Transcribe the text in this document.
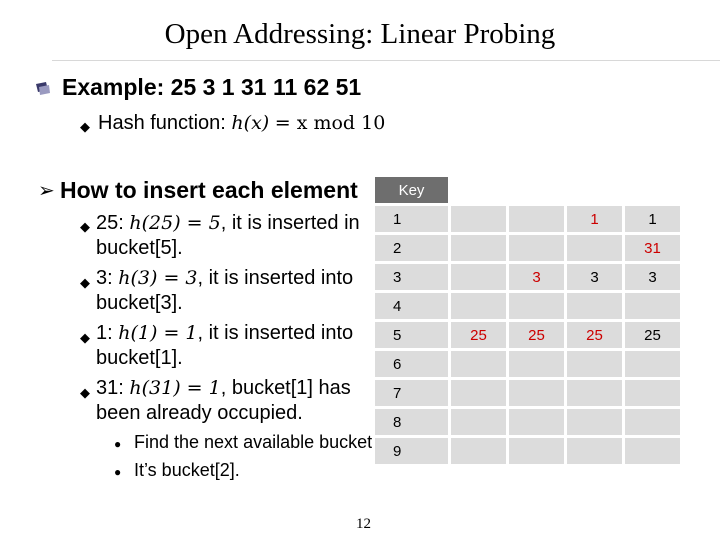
Open Addressing: Linear Probing
Example: 25 3 1 31 11 62 51
◆ Hash function: h(x) = x mod 10
➢ How to insert each element
◆ 25: h(25) = 5, it is inserted in
bucket[5].
◆ 3: h(3) = 3, it is inserted into
bucket[3].
◆ 1: h(1) = 1, it is inserted into
bucket[1].
◆ 31: h(31) = 1, bucket[1] has
been already occupied.
● Find the next available bucket
● It’s bucket[2].
Key				
1			1	1
2				31
3		3	3	3
4				
5	25	25	25	25
6				
7				
8				
9				
12
